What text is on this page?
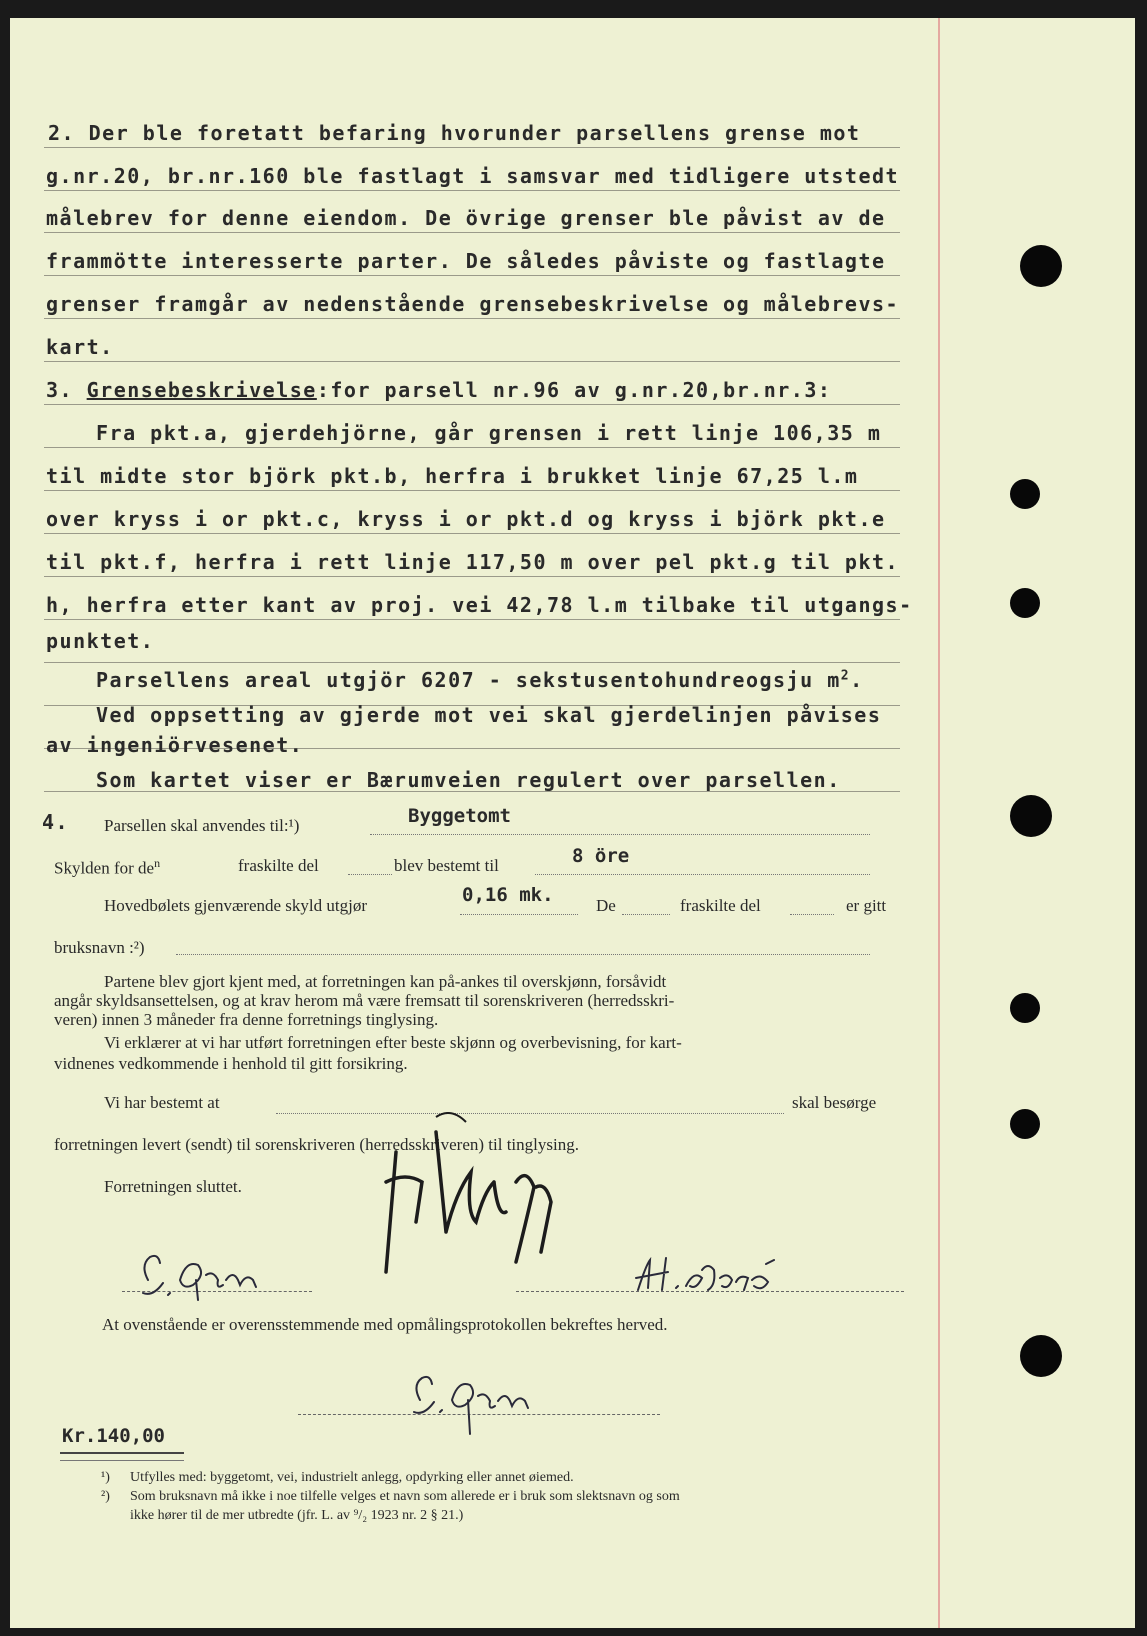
2. Der ble foretatt befaring hvorunder parsellens grense mot
g.nr.20, br.nr.160 ble fastlagt i samsvar med tidligere utstedt
målebrev for denne eiendom. De övrige grenser ble påvist av de
frammötte interesserte parter. De således påviste og fastlagte
grenser framgår av nedenstående grensebeskrivelse og målebrevs-
kart.
3. Grensebeskrivelse:for parsell nr.96 av g.nr.20,br.nr.3:
Fra pkt.a, gjerdehjörne, går grensen i rett linje 106,35 m
til midte stor björk pkt.b, herfra i brukket linje 67,25 l.m
over kryss i or pkt.c, kryss i or pkt.d og kryss i björk pkt.e
til pkt.f, herfra i rett linje 117,50 m over pel pkt.g til pkt.
h, herfra etter kant av proj. vei 42,78 l.m tilbake til utgangs-
punktet.
Parsellens areal utgjör 6207 - sekstusentohundreogsju $m^2$.
Ved oppsetting av gjerde mot vei skal gjerdelinjen påvises
av ingeniörvesenet.
Som kartet viser er Bærumveien regulert over parsellen.
4. Parsellen skal anvendes til:¹)	Byggetomt
Skylden for $de^n$	fraskilte del	blev bestemt til	8 öre
Hovedbølets gjenværende skyld utgjør	0,16 mk. De	fraskilte del	er gitt
bruksnavn :²)
Partene blev gjort kjent med, at forretningen kan på‑ankes til overskjønn, forsåvidt
angår skyldsansettelsen, og at krav herom må være fremsatt til sorenskriveren (herredsskri-
veren) innen 3 måneder fra denne forretnings tinglysing.
Vi erklærer at vi har utført forretningen efter beste skjønn og overbevisning, for kart-
vidnenes vedkommende i henhold til gitt forsikring.
Vi har bestemt at	skal besørge
forretningen levert (sendt) til sorenskriveren (herredsskriveren) til tinglysing.
Forretningen sluttet.
At ovenstående er overensstemmende med opmålingsprotokollen bekreftes herved.
Kr.140,00
¹) Utfylles med: byggetomt, vei, industrielt anlegg, opdyrking eller annet øiemed.
²) Som bruksnavn må ikke i noe tilfelle velges et navn som allerede er i bruk som slektsnavn og som
ikke hører til de mer utbredte (jfr. L. av ⁹/₂ 1923 nr. 2 § 21.)
